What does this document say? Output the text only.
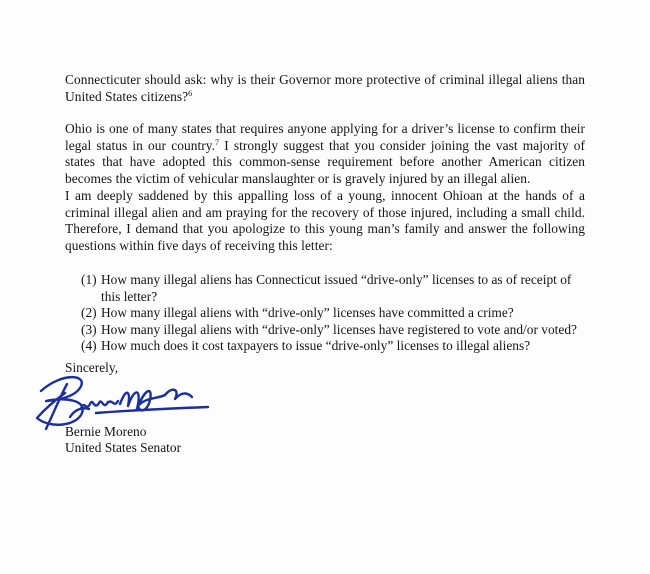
Connecticuter should ask: why is their Governor more protective of criminal illegal aliens than United States citizens?$^6$

Ohio is one of many states that requires anyone applying for a driver’s license to confirm their legal status in our country.$^7$ I strongly suggest that you consider joining the vast majority of states that have adopted this common-sense requirement before another American citizen becomes the victim of vehicular manslaughter or is gravely injured by an illegal alien.

I am deeply saddened by this appalling loss of a young, innocent Ohioan at the hands of a criminal illegal alien and am praying for the recovery of those injured, including a small child. Therefore, I demand that you apologize to this young man’s family and answer the following questions within five days of receiving this letter:

(1) How many illegal aliens has Connecticut issued “drive-only” licenses to as of receipt of this letter?
(2) How many illegal aliens with “drive-only” licenses have committed a crime?
(3) How many illegal aliens with “drive-only” licenses have registered to vote and/or voted?
(4) How much does it cost taxpayers to issue “drive-only” licenses to illegal aliens?
Sincerely,
Bernie Moreno
United States Senator
